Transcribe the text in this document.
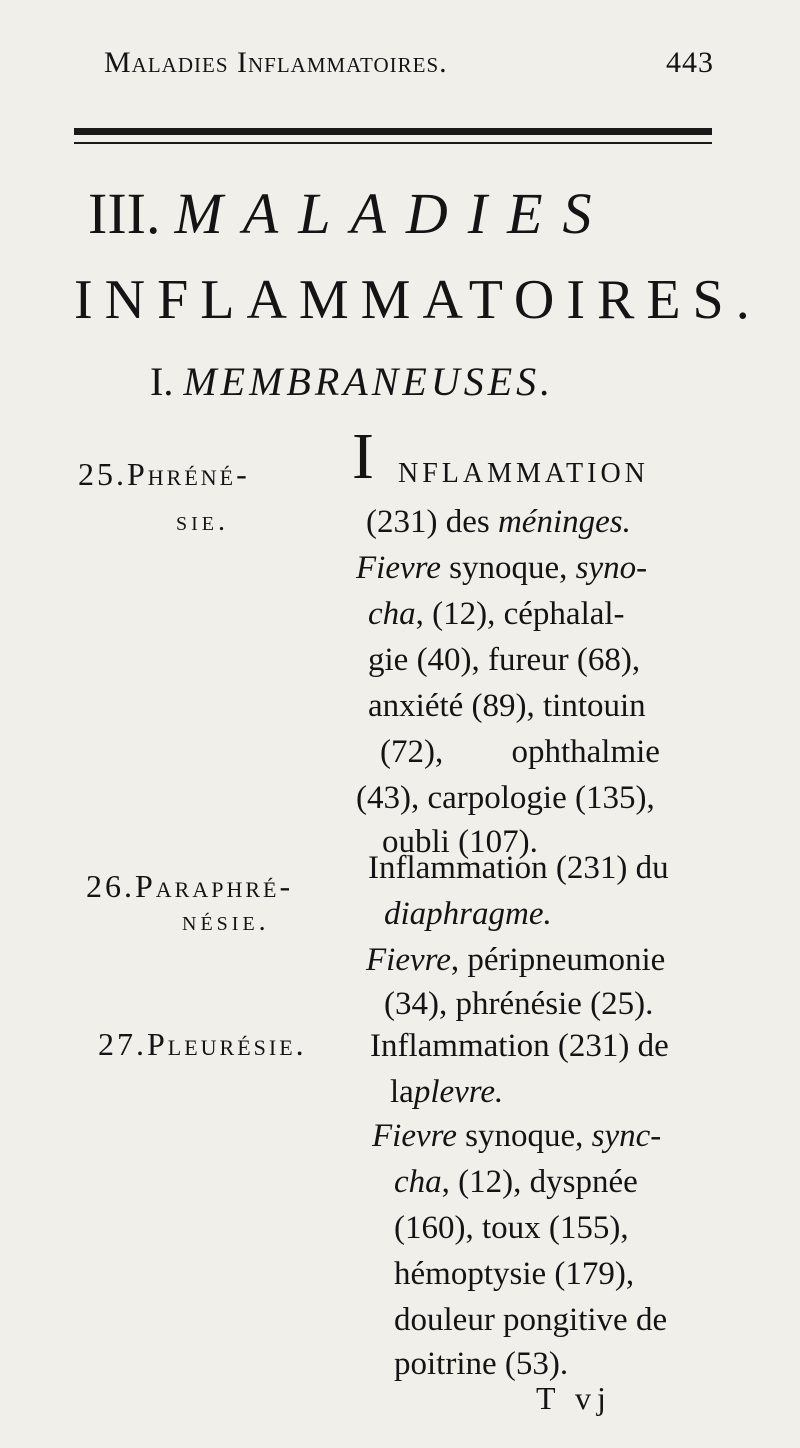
Maladies Inflammatoires.	443
III. MALADIES
INFLAMMATOIRES.
I. MEMBRANEUSES.
25.Phréné-
sie.
I NFLAMMATION
(231) des méninges.
Fievre synoque, syno-
cha, (12), céphalal-
gie (40), fureur (68),
anxiété (89), tintouin
(72), ophthalmie
(43), carpologie (135),
oubli (107).
26.Paraphré-
nésie.
Inflammation (231) du
diaphragme.
Fievre, péripneumonie
(34), phrénésie (25).
27.Pleurésie. Inflammation (231) de
laplevre.
Fievre synoque, sync-
cha, (12), dyspnée
(160), toux (155),
hémoptysie (179),
douleur pongitive de
poitrine (53).
T vj
